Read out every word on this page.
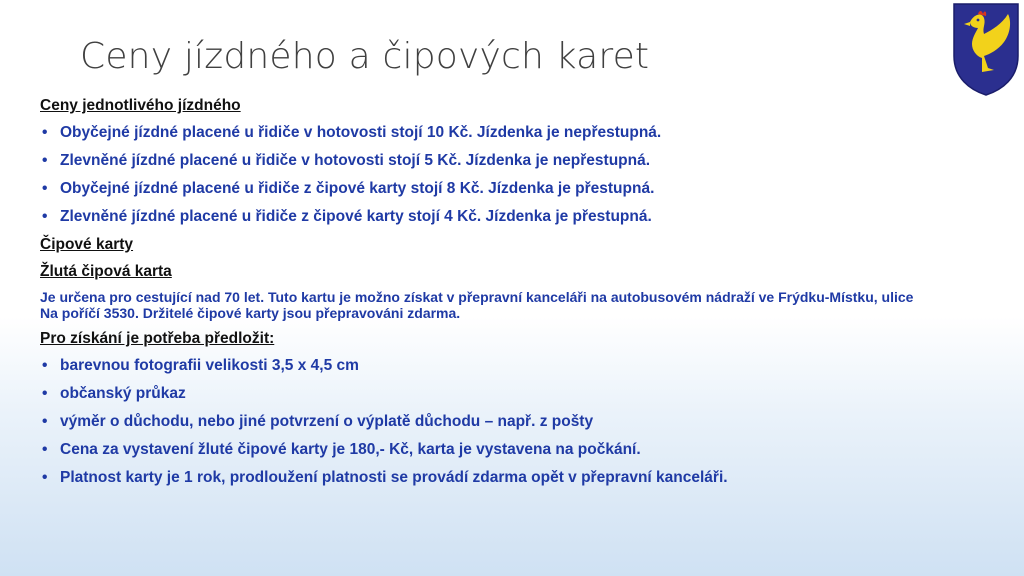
Ceny jízdného a čipových karet
Ceny jednotlivého jízdného
• Obyčejné jízdné placené u řidiče v hotovosti stojí 10 Kč. Jízdenka je nepřestupná.
• Zlevněné jízdné placené u řidiče v hotovosti stojí 5 Kč. Jízdenka je nepřestupná.
• Obyčejné jízdné placené u řidiče z čipové karty stojí 8 Kč. Jízdenka je přestupná.
• Zlevněné jízdné placené u řidiče z čipové karty stojí 4 Kč. Jízdenka je přestupná.
Čipové karty
Žlutá čipová karta
Je určena pro cestující nad 70 let. Tuto kartu je možno získat v přepravní kanceláři na autobusovém nádraží ve Frýdku-Místku, ulice Na poříčí 3530. Držitelé čipové karty jsou přepravováni zdarma.
Pro získání je potřeba předložit:
• barevnou fotografii velikosti 3,5 x 4,5 cm
• občanský průkaz
• výměr o důchodu, nebo jiné potvrzení o výplatě důchodu – např. z pošty
• Cena za vystavení žluté čipové karty je 180,- Kč, karta je vystavena na počkání.
• Platnost karty je 1 rok, prodloužení platnosti se provádí zdarma opět v přepravní kanceláři.
